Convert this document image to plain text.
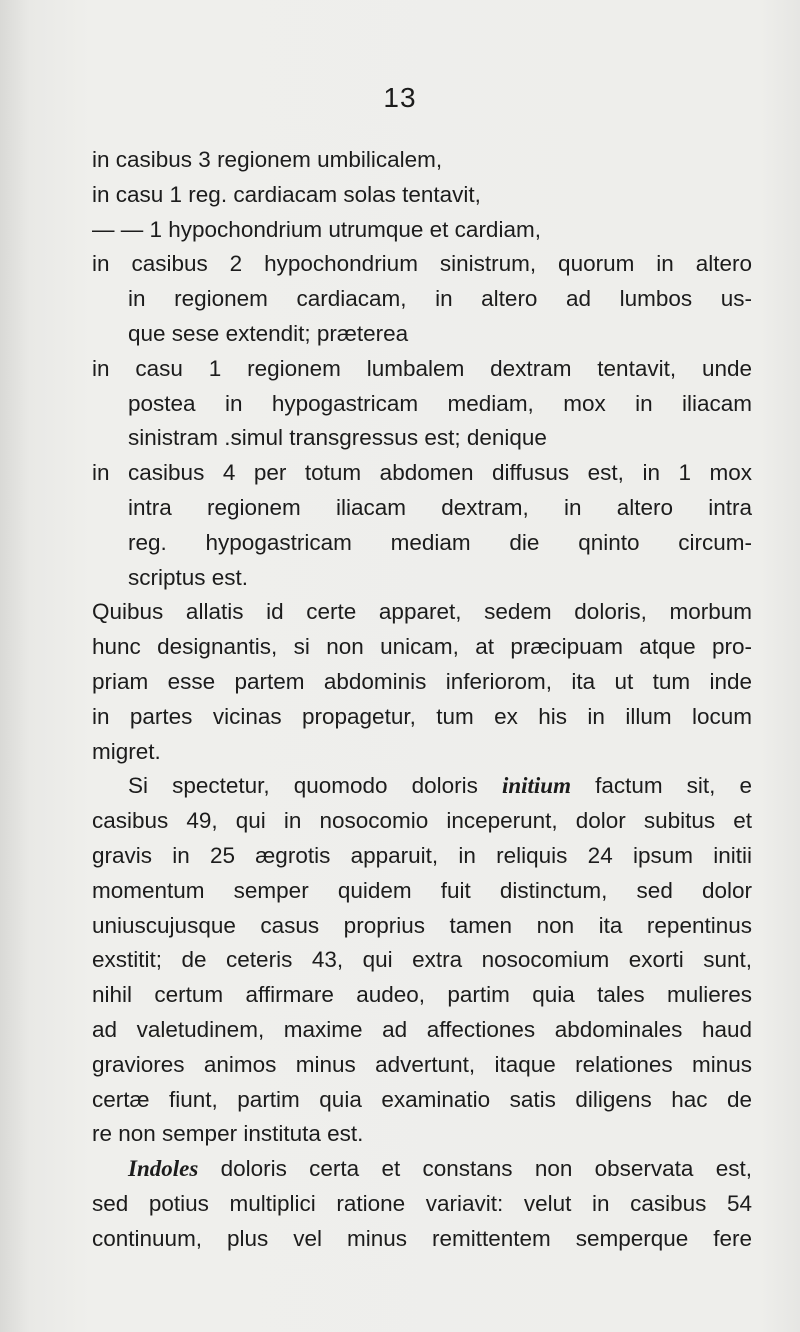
13
in casibus 3 regionem umbilicalem,
in casu 1 reg. cardiacam solas tentavit,
— — 1 hypochondrium utrumque et cardiam,
in casibus 2 hypochondrium sinistrum, quorum in altero
in regionem cardiacam, in altero ad lumbos us-
que sese extendit; præterea
in casu 1 regionem lumbalem dextram tentavit, unde
postea in hypogastricam mediam, mox in iliacam
sinistram .simul transgressus est; denique
in casibus 4 per totum abdomen diffusus est, in 1 mox
intra regionem iliacam dextram, in altero intra
reg. hypogastricam mediam die qninto circum-
scriptus est.
Quibus allatis id certe apparet, sedem doloris, morbum
hunc designantis, si non unicam, at præcipuam atque pro-
priam esse partem abdominis inferiorom, ita ut tum inde
in partes vicinas propagetur, tum ex his in illum locum
migret.
Si spectetur, quomodo doloris initium factum sit, e
casibus 49, qui in nosocomio inceperunt, dolor subitus et
gravis in 25 ægrotis apparuit, in reliquis 24 ipsum initii
momentum semper quidem fuit distinctum, sed dolor
uniuscujusque casus proprius tamen non ita repentinus
exstitit; de ceteris 43, qui extra nosocomium exorti sunt,
nihil certum affirmare audeo, partim quia tales mulieres
ad valetudinem, maxime ad affectiones abdominales haud
graviores animos minus advertunt, itaque relationes minus
certæ fiunt, partim quia examinatio satis diligens hac de
re non semper instituta est.
Indoles doloris certa et constans non observata est,
sed potius multiplici ratione variavit: velut in casibus 54
continuum, plus vel minus remittentem semperque fere
